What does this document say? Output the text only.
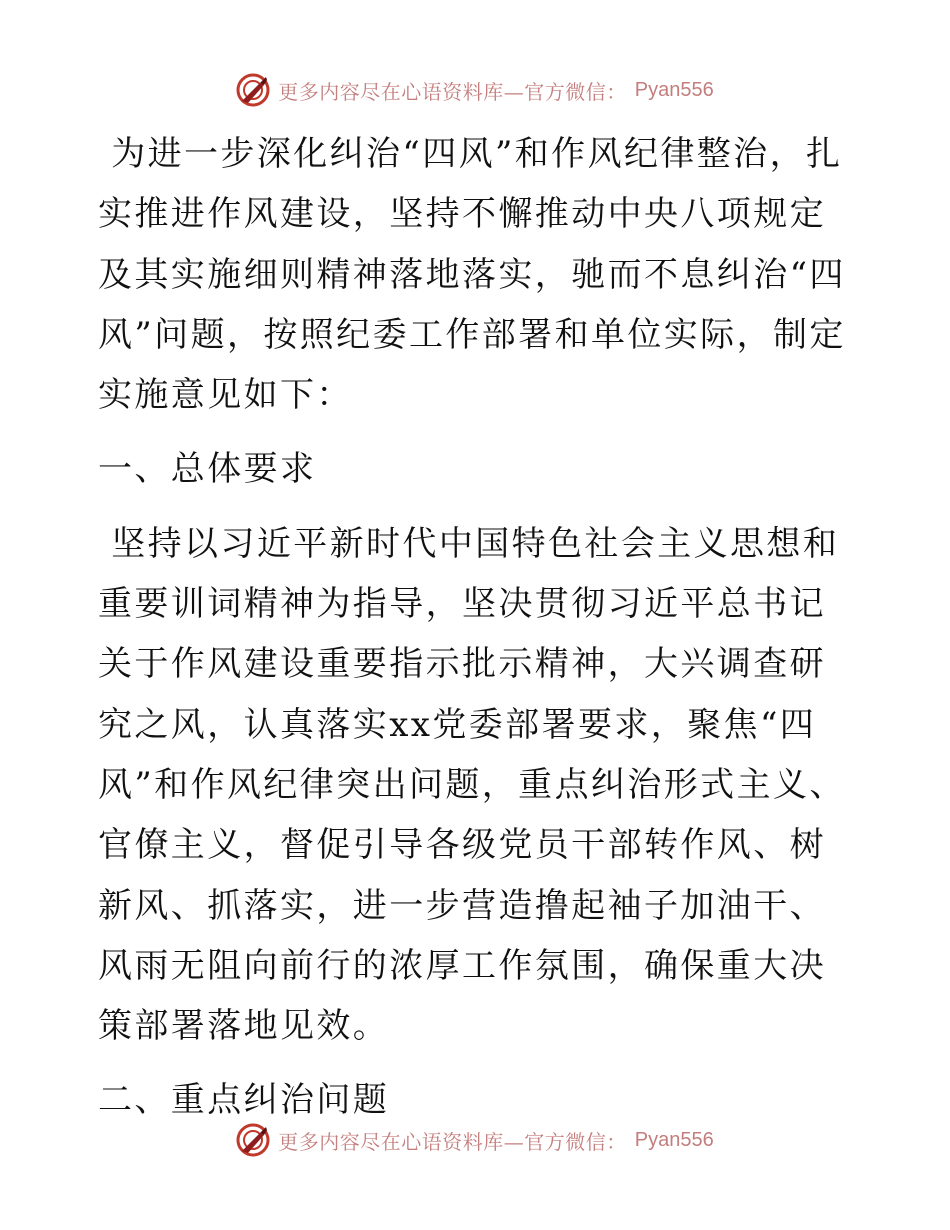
更多内容尽在心语资料库—官方微信： Pyan556

为进一步深化纠治“四风”和作风纪律整治，扎实推进作风建设，坚持不懈推动中央八项规定及其实施细则精神落地落实，驰而不息纠治“四风”问题，按照纪委工作部署和单位实际，制定实施意见如下：

一、总体要求

坚持以习近平新时代中国特色社会主义思想和重要训词精神为指导，坚决贯彻习近平总书记关于作风建设重要指示批示精神，大兴调查研究之风，认真落实xx党委部署要求，聚焦“四风”和作风纪律突出问题，重点纠治形式主义、官僚主义，督促引导各级党员干部转作风、树新风、抓落实，进一步营造撸起袖子加油干、风雨无阻向前行的浓厚工作氛围，确保重大决策部署落地见效。

二、重点纠治问题

更多内容尽在心语资料库—官方微信： Pyan556
